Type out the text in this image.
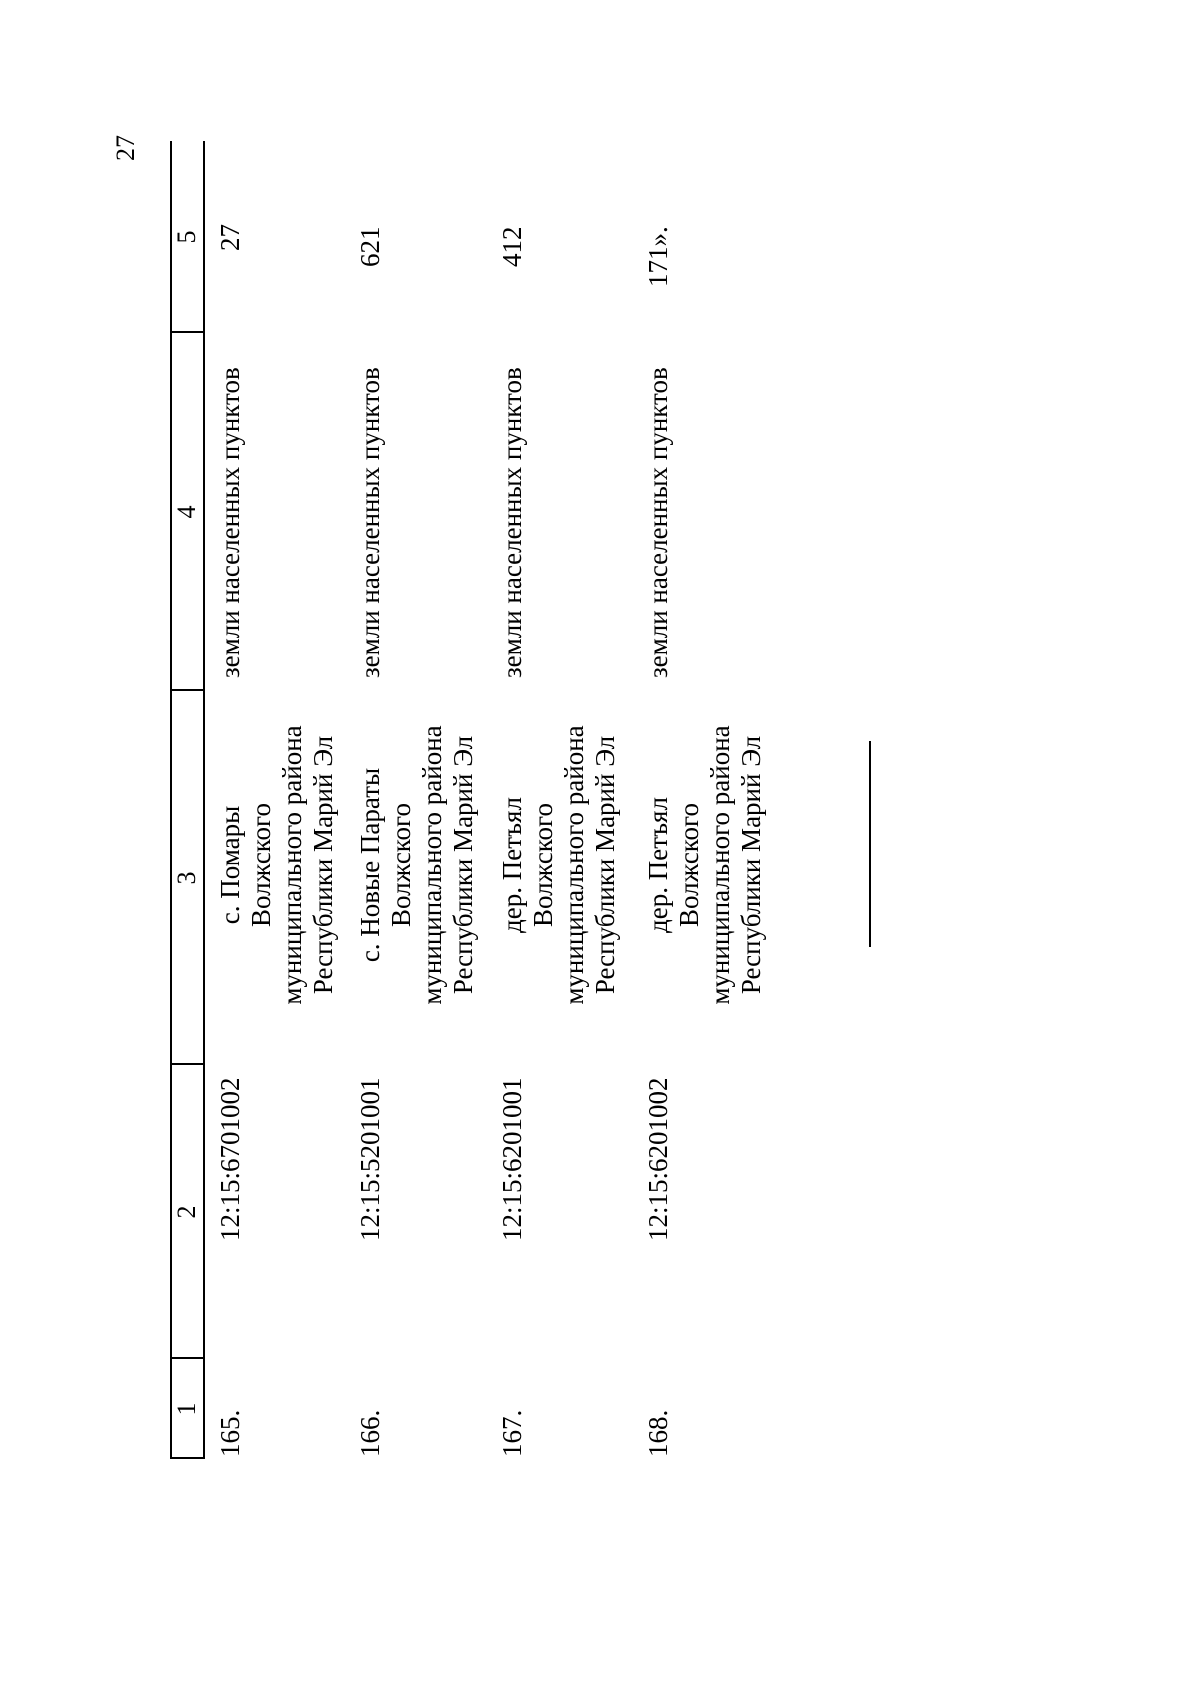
27
1
2
3
4
5
165.
12:15:6701002
с. Помары Волжского муниципального района Республики Марий Эл
земли населенных пунктов
27
166.
12:15:5201001
с. Новые Параты Волжского муниципального района Республики Марий Эл
земли населенных пунктов
621
167.
12:15:6201001
дер. Петъял Волжского муниципального района Республики Марий Эл
земли населенных пунктов
412
168.
12:15:6201002
дер. Петъял Волжского муниципального района Республики Марий Эл
земли населенных пунктов
171».
